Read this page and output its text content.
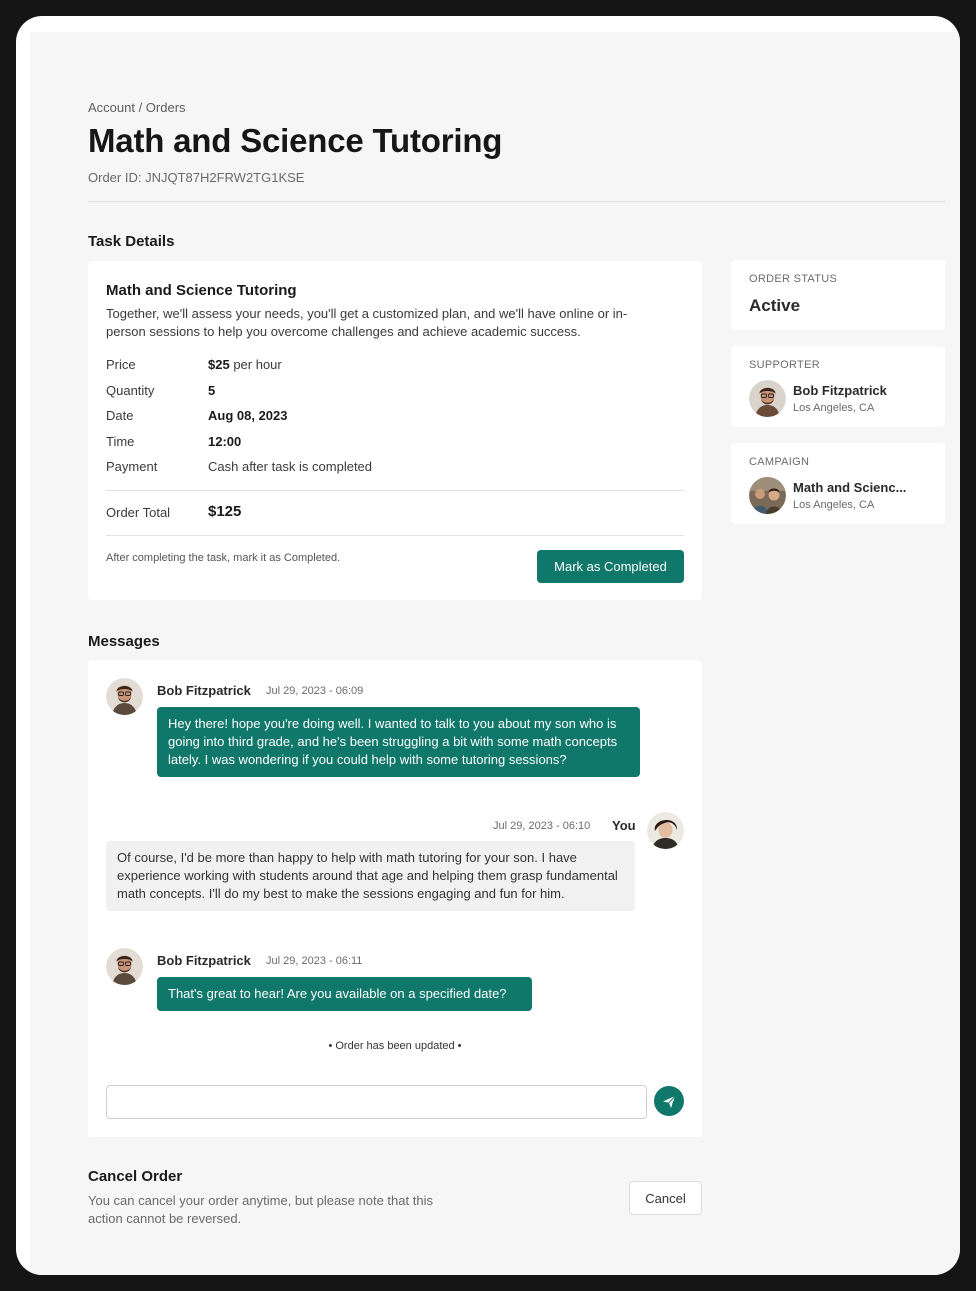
Account / Orders
Math and Science Tutoring
Order ID: JNJQT87H2FRW2TG1KSE
Task Details
Math and Science Tutoring
Together, we'll assess your needs, you'll get a customized plan, and we'll have online or in-person sessions to help you overcome challenges and achieve academic success.
Price	$25 per hour
Quantity	5
Date	Aug 08, 2023
Time	12:00
Payment	Cash after task is completed
Order Total	$125
After completing the task, mark it as Completed.
Mark as Completed
ORDER STATUS
Active
SUPPORTER
Bob Fitzpatrick
Los Angeles, CA
CAMPAIGN
Math and Scienc...
Los Angeles, CA
Messages
Bob Fitzpatrick Jul 29, 2023 - 06:09
Hey there! hope you're doing well. I wanted to talk to you about my son who is going into third grade, and he's been struggling a bit with some math concepts lately. I was wondering if you could help with some tutoring sessions?
Jul 29, 2023 - 06:10 You
Of course, I'd be more than happy to help with math tutoring for your son. I have experience working with students around that age and helping them grasp fundamental math concepts. I'll do my best to make the sessions engaging and fun for him.
Bob Fitzpatrick Jul 29, 2023 - 06:11
That's great to hear! Are you available on a specified date?
• Order has been updated •
Cancel Order
You can cancel your order anytime, but please note that this action cannot be reversed.
Cancel
